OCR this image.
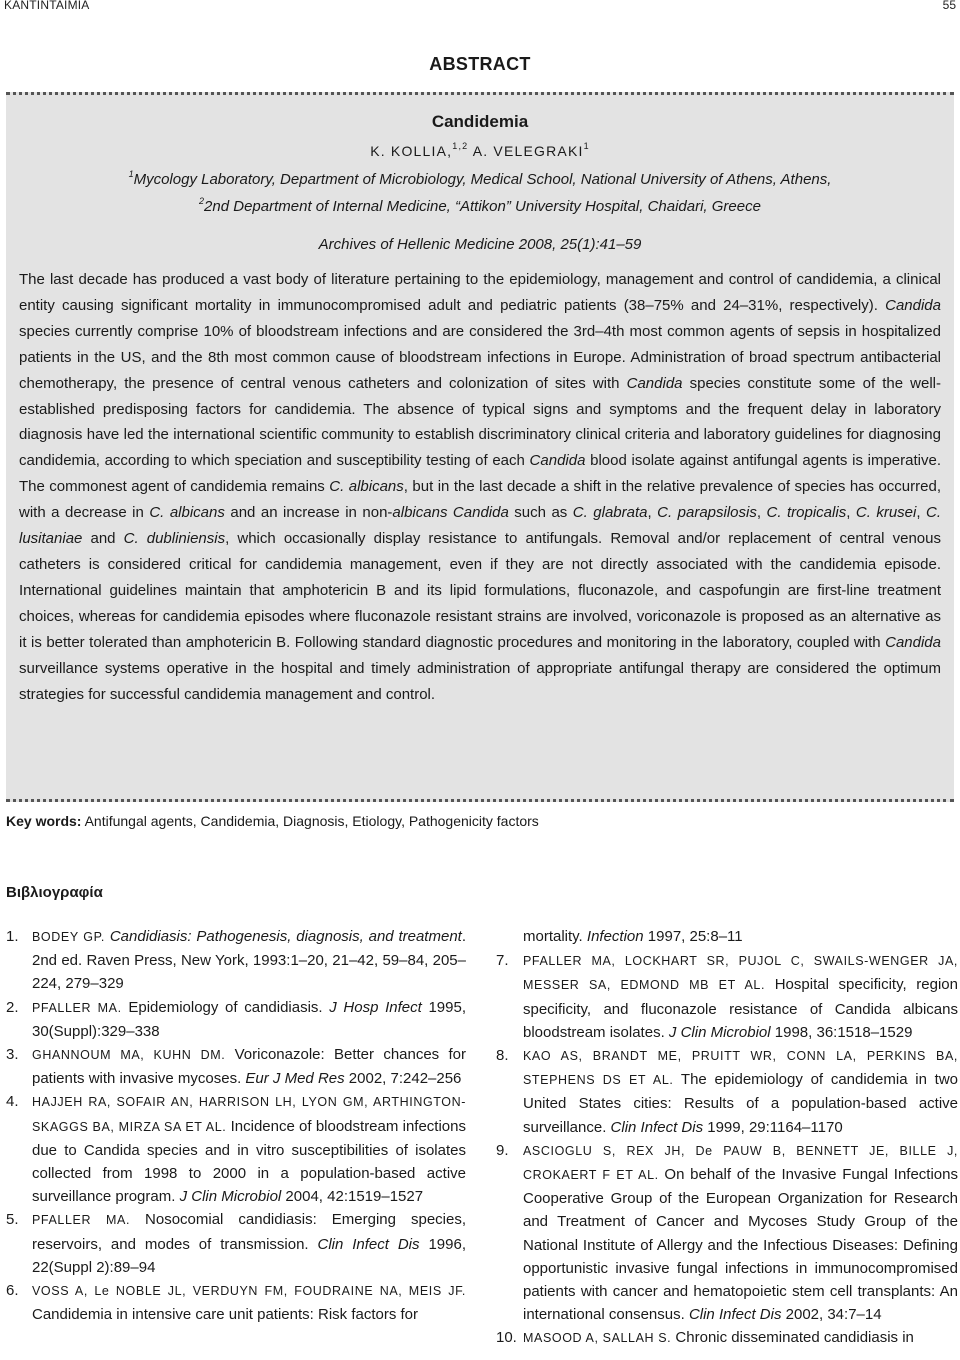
ΚΑΝΤΙΝΤΑΙΜΙΑ	55
ABSTRACT
Candidemia
K. KOLLIA,$^{1,2}$ A. VELEGRAKI$^1$
$^1$Mycology Laboratory, Department of Microbiology, Medical School, National University of Athens, Athens,
$^2$2nd Department of Internal Medicine, “Attikon” University Hospital, Chaidari, Greece
Archives of Hellenic Medicine 2008, 25(1):41–59

The last decade has produced a vast body of literature pertaining to the epidemiology, management and control of candidemia, a clinical entity causing significant mortality in immunocompromised adult and pediatric patients (38–75% and 24–31%, respectively). Candida species currently comprise 10% of bloodstream infections and are considered the 3rd–4th most common agents of sepsis in hospitalized patients in the US, and the 8th most common cause of bloodstream infections in Europe. Administration of broad spectrum antibacterial chemotherapy, the presence of central venous catheters and colonization of sites with Candida species constitute some of the well-established predisposing factors for candidemia. The absence of typical signs and symptoms and the frequent delay in laboratory diagnosis have led the international scientific community to establish discriminatory clinical criteria and laboratory guidelines for diagnosing candidemia, according to which speciation and susceptibility testing of each Candida blood isolate against antifungal agents is imperative. The commonest agent of candidemia remains C. albicans, but in the last decade a shift in the relative prevalence of species has occurred, with a decrease in C. albicans and an increase in non-albicans Candida such as C. glabrata, C. parapsilosis, C. tropicalis, C. krusei, C. lusitaniae and C. dubliniensis, which occasionally display resistance to antifungals. Removal and/or replacement of central venous catheters is considered critical for candidemia management, even if they are not directly associated with the candidemia episode. International guidelines maintain that amphotericin B and its lipid formulations, fluconazole, and caspofungin are first-line treatment choices, whereas for candidemia episodes where fluconazole resistant strains are involved, voriconazole is proposed as an alternative as it is better tolerated than amphotericin B. Following standard diagnostic procedures and monitoring in the laboratory, coupled with Candida surveillance systems operative in the hospital and timely administration of appropriate antifungal therapy are considered the optimum strategies for successful candidemia management and control.

Key words: Antifungal agents, Candidemia, Diagnosis, Etiology, Pathogenicity factors
Βιβλιογραφία
1. BODEY GP. Candidiasis: Pathogenesis, diagnosis, and treatment. 2nd ed. Raven Press, New York, 1993:1–20, 21–42, 59–84, 205–224, 279–329
2. PFALLER MA. Epidemiology of candidiasis. J Hosp Infect 1995, 30(Suppl):329–338
3. GHANNOUM MA, KUHN DM. Voriconazole: Better chances for patients with invasive mycoses. Eur J Med Res 2002, 7:242–256
4. HAJJEH RA, SOFAIR AN, HARRISON LH, LYON GM, ARTHINGTON-SKAGGS BA, MIRZA SA ET AL. Incidence of bloodstream infections due to Candida species and in vitro susceptibilities of isolates collected from 1998 to 2000 in a population-based active surveillance program. J Clin Microbiol 2004, 42:1519–1527
5. PFALLER MA. Nosocomial candidiasis: Emerging species, reservoirs, and modes of transmission. Clin Infect Dis 1996, 22(Suppl 2):89–94
6. VOSS A, Le NOBLE JL, VERDUYN FM, FOUDRAINE NA, MEIS JF. Candidemia in intensive care unit patients: Risk factors for
mortality. Infection 1997, 25:8–11
7. PFALLER MA, LOCKHART SR, PUJOL C, SWAILS-WENGER JA, MESSER SA, EDMOND MB ET AL. Hospital specificity, region specificity, and fluconazole resistance of Candida albicans bloodstream isolates. J Clin Microbiol 1998, 36:1518–1529
8. KAO AS, BRANDT ME, PRUITT WR, CONN LA, PERKINS BA, STEPHENS DS ET AL. The epidemiology of candidemia in two United States cities: Results of a population-based active surveillance. Clin Infect Dis 1999, 29:1164–1170
9. ASCIOGLU S, REX JH, De PAUW B, BENNETT JE, BILLE J, CROKAERT F ET AL. On behalf of the Invasive Fungal Infections Cooperative Group of the European Organization for Research and Treatment of Cancer and Mycoses Study Group of the National Institute of Allergy and the Infectious Diseases: Defining opportunistic invasive fungal infections in immunocompromised patients with cancer and hematopoietic stem cell transplants: An international consensus. Clin Infect Dis 2002, 34:7–14
10. MASOOD A, SALLAH S. Chronic disseminated candidiasis in
